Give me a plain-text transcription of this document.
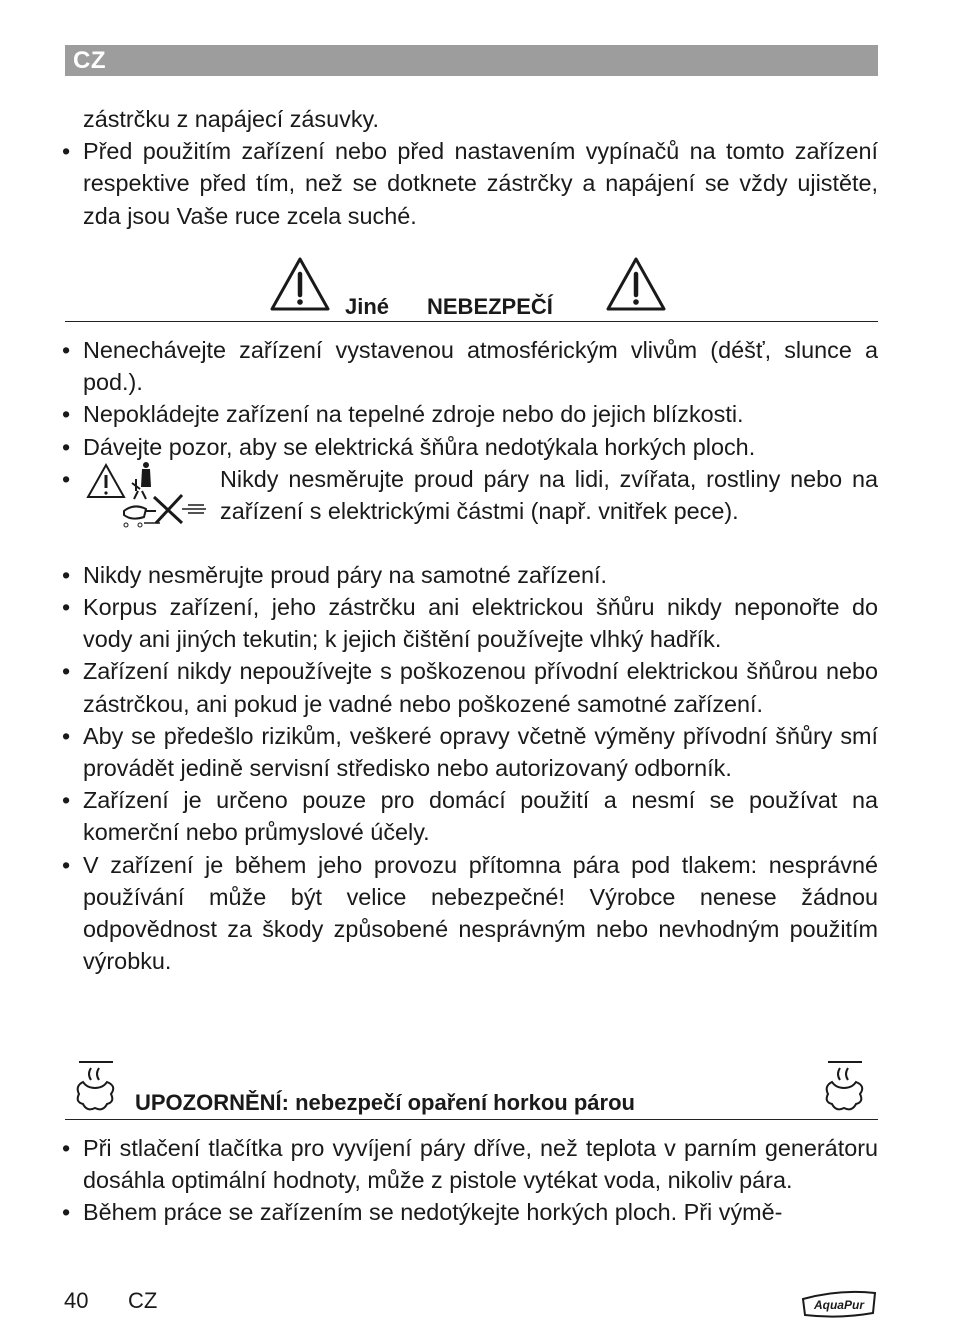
CZ
zástrčku z napájecí zásuvky.
• Před použitím zařízení nebo před nastavením vypínačů na tomto zařízení respektive před tím, než se dotknete zástrčky a napájení se vždy ujistěte, zda jsou Vaše ruce zcela suché.
Jiné NEBEZPEČÍ
• Nenechávejte zařízení vystavenou atmosférickým vlivům (déšť, slunce a pod.).
• Nepokládejte zařízení na tepelné zdroje nebo do jejich blízkosti.
• Dávejte pozor, aby se elektrická šňůra nedotýkala horkých ploch.
•	Nikdy nesměrujte proud páry na lidi, zvířata, rostliny nebo na zařízení s elektrickými částmi (např. vnitřek pece).
• Nikdy nesměrujte proud páry na samotné zařízení.
• Korpus zařízení, jeho zástrčku ani elektrickou šňůru nikdy neponořte do vody ani jiných tekutin; k jejich čištění používejte vlhký hadřík.
• Zařízení nikdy nepoužívejte s poškozenou přívodní elektrickou šňůrou nebo zástrčkou, ani pokud je vadné nebo poškozené samotné zařízení.
• Aby se předešlo rizikům, veškeré opravy včetně výměny přívodní šňůry smí provádět jedině servisní středisko nebo autorizovaný odborník.
• Zařízení je určeno pouze pro domácí použití a nesmí se používat na komerční nebo průmyslové účely.
• V zařízení je během jeho provozu přítomna pára pod tlakem: nesprávné používání může být velice nebezpečné! Výrobce nenese žádnou odpovědnost za škody způsobené nesprávným nebo nevhodným použitím výrobku.
UPOZORNĚNÍ: nebezpečí opaření horkou párou
• Při stlačení tlačítka pro vyvíjení páry dříve, než teplota v parním generátoru dosáhla optimální hodnoty, může z pistole vytékat voda, nikoliv pára.
• Během práce se zařízením se nedotýkejte horkých ploch. Při výmě-
40 CZ	AquaPur
